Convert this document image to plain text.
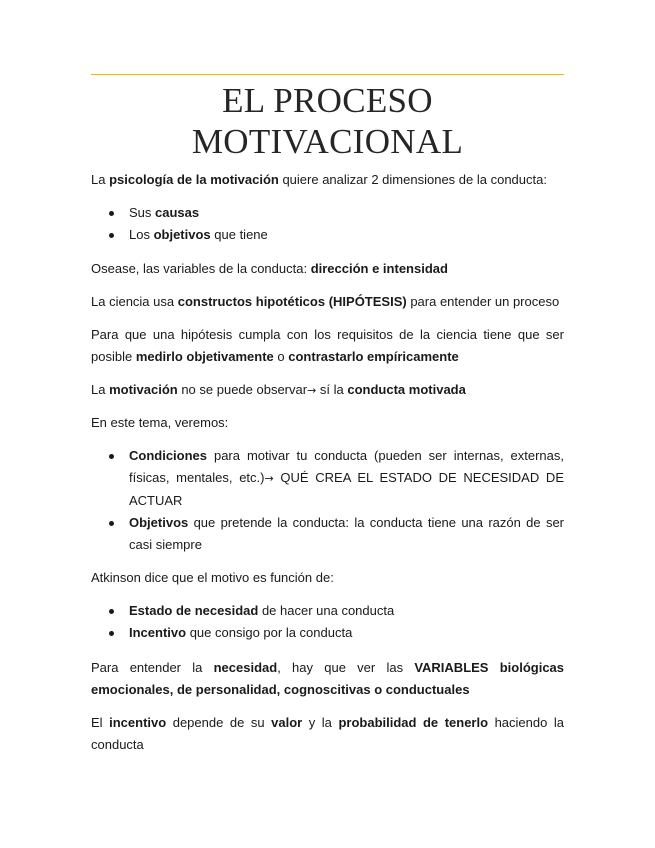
EL PROCESO
MOTIVACIONAL

La psicología de la motivación quiere analizar 2 dimensiones de la conducta:

Sus causas
Los objetivos que tiene

Osease, las variables de la conducta: dirección e intensidad

La ciencia usa constructos hipotéticos (HIPÓTESIS) para entender un proceso

Para que una hipótesis cumpla con los requisitos de la ciencia tiene que ser posible medirlo objetivamente o contrastarlo empíricamente

La motivación no se puede observar→ sí la conducta motivada

En este tema, veremos:

Condiciones para motivar tu conducta (pueden ser internas, externas, físicas, mentales, etc.)→ QUÉ CREA EL ESTADO DE NECESIDAD DE ACTUAR
Objetivos que pretende la conducta: la conducta tiene una razón de ser casi siempre

Atkinson dice que el motivo es función de:

Estado de necesidad de hacer una conducta
Incentivo que consigo por la conducta

Para entender la necesidad, hay que ver las VARIABLES biológicas emocionales, de personalidad, cognoscitivas o conductuales

El incentivo depende de su valor y la probabilidad de tenerlo haciendo la conducta
